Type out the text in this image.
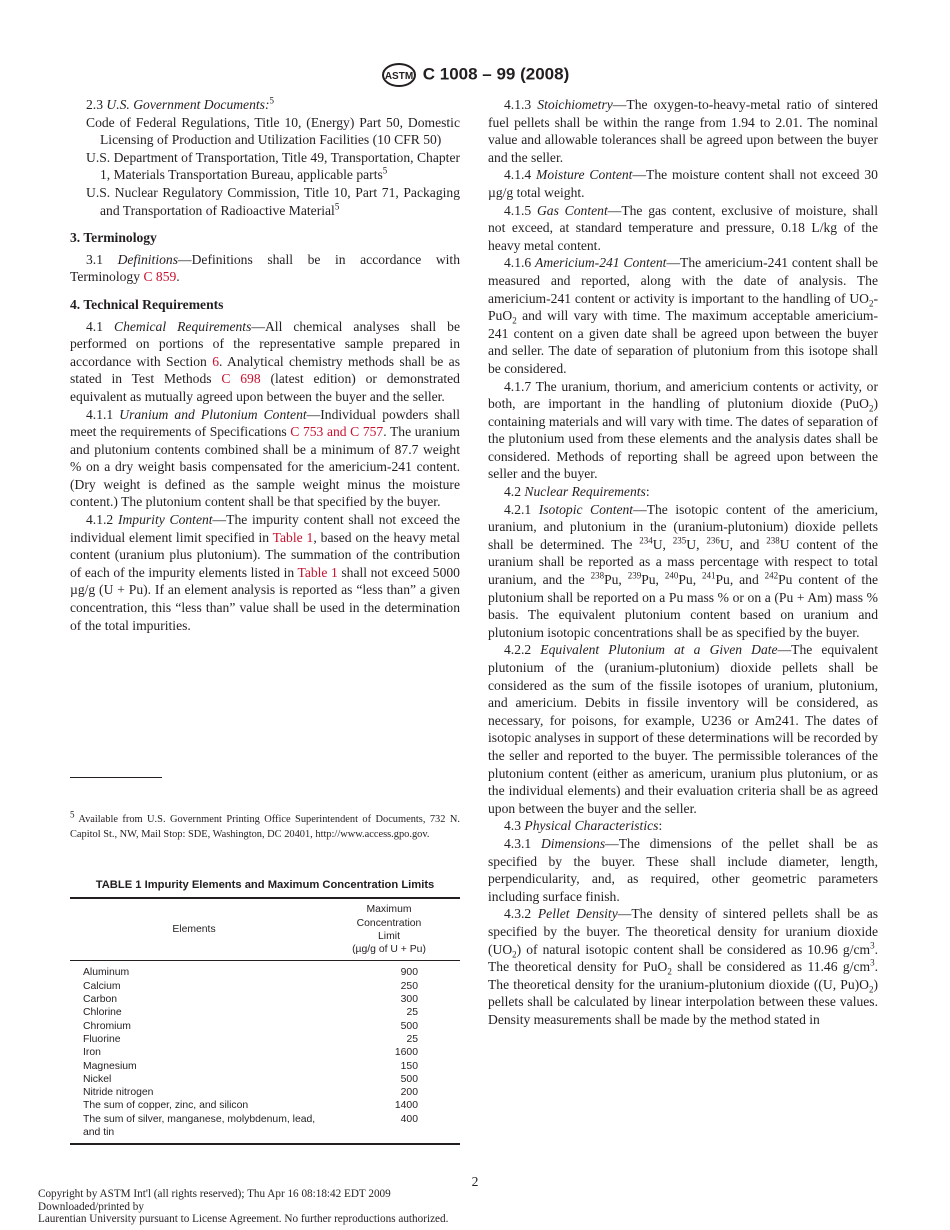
ASTM C 1008 – 99 (2008)

2.3 U.S. Government Documents:$^5$

Code of Federal Regulations, Title 10, (Energy) Part 50, Domestic Licensing of Production and Utilization Facilities (10 CFR 50)

U.S. Department of Transportation, Title 49, Transportation, Chapter 1, Materials Transportation Bureau, applicable parts$^5$

U.S. Nuclear Regulatory Commission, Title 10, Part 71, Packaging and Transportation of Radioactive Material$^5$

3. Terminology

3.1 Definitions—Definitions shall be in accordance with Terminology C 859.

4. Technical Requirements

4.1 Chemical Requirements—All chemical analyses shall be performed on portions of the representative sample prepared in accordance with Section 6. Analytical chemistry methods shall be as stated in Test Methods C 698 (latest edition) or demonstrated equivalent as mutually agreed upon between the buyer and the seller.

4.1.1 Uranium and Plutonium Content—Individual powders shall meet the requirements of Specifications C 753 and C 757. The uranium and plutonium contents combined shall be a minimum of 87.7 weight % on a dry weight basis compensated for the americium-241 content. (Dry weight is defined as the sample weight minus the moisture content.) The plutonium content shall be that specified by the buyer.

4.1.2 Impurity Content—The impurity content shall not exceed the individual element limit specified in Table 1, based on the heavy metal content (uranium plus plutonium). The summation of the contribution of each of the impurity elements listed in Table 1 shall not exceed 5000 µg/g (U + Pu). If an element analysis is reported as “less than” a given concentration, this “less than” value shall be used in the determination of the total impurities.

$^5$ Available from U.S. Government Printing Office Superintendent of Documents, 732 N. Capitol St., NW, Mail Stop: SDE, Washington, DC 20401, http://www.access.gpo.gov.
TABLE 1 Impurity Elements and Maximum Concentration Limits
Elements	Maximum
Concentration
Limit
(µg/g of U + Pu)

Aluminum	900
Calcium	250
Carbon	300
Chlorine	25
Chromium	500
Fluorine	25
Iron	1600
Magnesium	150
Nickel	500
Nitride nitrogen	200
The sum of copper, zinc, and silicon	1400
The sum of silver, manganese, molybdenum, lead, and tin	400

4.1.3 Stoichiometry—The oxygen-to-heavy-metal ratio of sintered fuel pellets shall be within the range from 1.94 to 2.01. The nominal value and allowable tolerances shall be agreed upon between the buyer and the seller.

4.1.4 Moisture Content—The moisture content shall not exceed 30 µg/g total weight.

4.1.5 Gas Content—The gas content, exclusive of moisture, shall not exceed, at standard temperature and pressure, 0.18 L/kg of the heavy metal content.

4.1.6 Americium-241 Content—The americium-241 content shall be measured and reported, along with the date of analysis. The americium-241 content or activity is important to the handling of $UO_2-PuO_2$ and will vary with time. The maximum acceptable americium-241 content on a given date shall be agreed upon between the buyer and seller. The date of separation of plutonium from this isotope shall be considered.

4.1.7 The uranium, thorium, and americium contents or activity, or both, are important in the handling of plutonium dioxide (PuO$_2$) containing materials and will vary with time. The dates of separation of the plutonium used from these elements and the analysis dates shall be considered. Methods of reporting shall be agreed upon between the seller and the buyer.

4.2 Nuclear Requirements:

4.2.1 Isotopic Content—The isotopic content of the americium, uranium, and plutonium in the (uranium-plutonium) dioxide pellets shall be determined. The $^{234}$U, $^{235}$U, $^{236}$U, and $^{238}$U content of the uranium shall be reported as a mass percentage with respect to total uranium, and the $^{238}$Pu, $^{239}$Pu, $^{240}$Pu, $^{241}$Pu, and $^{242}$Pu content of the plutonium shall be reported on a Pu mass % or on a (Pu + Am) mass % basis. The equivalent plutonium content based on uranium and plutonium isotopic concentrations shall be as specified by the buyer.

4.2.2 Equivalent Plutonium at a Given Date—The equivalent plutonium of the (uranium-plutonium) dioxide pellets shall be considered as the sum of the fissile isotopes of uranium, plutonium, and americium. Debits in fissile inventory will be considered, as necessary, for poisons, for example, U236 or Am241. The dates of isotopic analyses in support of these determinations will be recorded by the seller and reported to the buyer. The permissible tolerances of the plutonium content (either as americum, uranium plus plutonium, or as the individual elements) and their evaluation criteria shall be as agreed upon between the buyer and the seller.

4.3 Physical Characteristics:

4.3.1 Dimensions—The dimensions of the pellet shall be as specified by the buyer. These shall include diameter, length, perpendicularity, and, as required, other geometric parameters including surface finish.

4.3.2 Pellet Density—The density of sintered pellets shall be as specified by the buyer. The theoretical density for uranium dioxide $(UO_2)$ of natural isotopic content shall be considered as 10.96 $g/cm^3$. The theoretical density for PuO$_2$ shall be considered as 11.46 $g/cm^3$. The theoretical density for the uranium-plutonium dioxide ((U, $Pu)O_2$) pellets shall be calculated by linear interpolation between these values. Density measurements shall be made by the method stated in

2
Copyright by ASTM Int'l (all rights reserved); Thu Apr 16 08:18:42 EDT 2009
Downloaded/printed by
Laurentian University pursuant to License Agreement. No further reproductions authorized.
